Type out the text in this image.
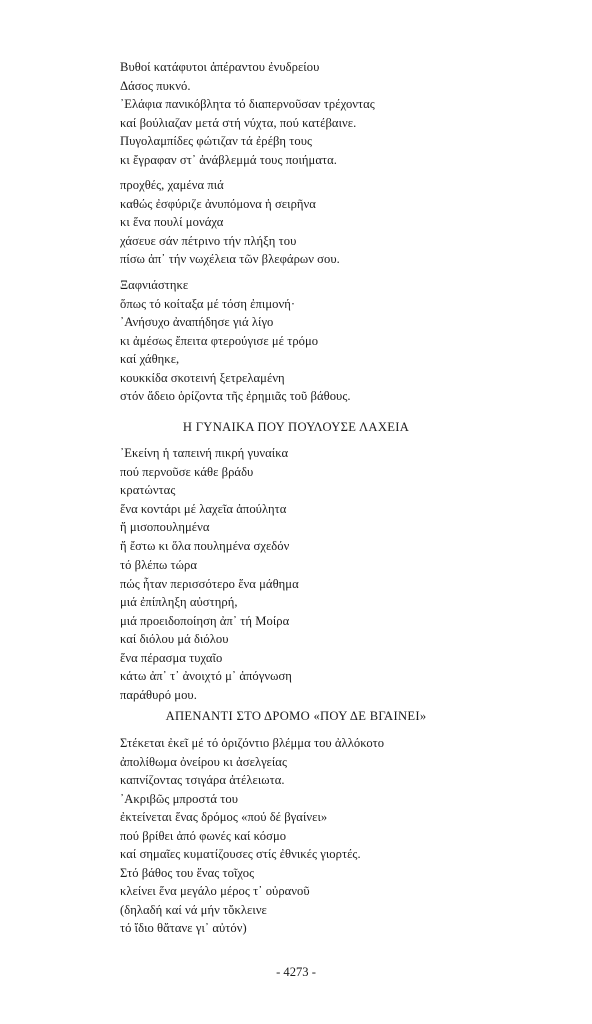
Βυθοί κατάφυτοι ἀπέραντου ἐνυδρείου
Δάσος πυκνό.
᾿Ελάφια πανικόβλητα τό διαπερνοῦσαν τρέχοντας
καί βούλιαζαν μετά στή νύχτα, πού κατέβαινε.
Πυγολαμπίδες φώτιζαν τά ἐρέβη τους
κι ἔγραφαν στ᾿ ἀνάβλεμμά τους ποιήματα.
προχθές, χαμένα πιά
καθώς ἐσφύριζε ἀνυπόμονα ἡ σειρῆνα
κι ἕνα πουλί μονάχα
χάσευε σάν πέτρινο τήν πλήξη του
πίσω ἀπ᾿ τήν νωχέλεια τῶν βλεφάρων σου.
Ξαφνιάστηκε
ὅπως τό κοίταξα μέ τόση ἐπιμονή·
᾿Ανήσυχο ἀναπήδησε γιά λίγο
κι ἀμέσως ἔπειτα φτερούγισε μέ τρόμο
καί χάθηκε,
κουκκίδα σκοτεινή ξετρελαμένη
στόν ἄδειο ὁρίζοντα τῆς ἐρημιᾶς τοῦ βάθους.
Η ΓΥΝΑΙΚΑ ΠΟΥ ΠΟΥΛΟΥΣΕ ΛΑΧΕΙΑ
᾿Εκείνη ἡ ταπεινή πικρή γυναίκα
πού περνοῦσε κάθε βράδυ
κρατώντας
ἕνα κοντάρι μέ λαχεῖα ἀπούλητα
ἤ μισοπουλημένα
ἤ ἔστω κι ὅλα πουλημένα σχεδόν
τό βλέπω τώρα
πώς ἦταν περισσότερο ἕνα μάθημα
μιά ἐπίπληξη αὐστηρή,
μιά προειδοποίηση ἀπ᾿ τή Μοίρα
καί διόλου μά διόλου
ἕνα πέρασμα τυχαῖο
κάτω ἀπ᾿ τ᾿ ἀνοιχτό μ᾿ ἀπόγνωση
παράθυρό μου.
ΑΠΕΝΑΝΤΙ ΣΤΟ ΔΡΟΜΟ «ΠΟΥ ΔΕ ΒΓΑΙΝΕΙ»
Στέκεται ἐκεῖ μέ τό ὁριζόντιο βλέμμα του ἀλλόκοτο
ἀπολίθωμα ὀνείρου κι ἀσελγείας
καπνίζοντας τσιγάρα ἀτέλειωτα.
᾿Ακριβῶς μπροστά του
ἐκτείνεται ἕνας δρόμος «πού δέ βγαίνει»
πού βρίθει ἀπό φωνές καί κόσμο
καί σημαῖες κυματίζουσες στίς ἐθνικές γιορτές.
Στό βάθος του ἕνας τοῖχος
κλείνει ἕνα μεγάλο μέρος τ᾿ οὐρανοῦ
(δηλαδή καί νά μήν τὄκλεινε
τό ἴδιο θἄτανε γι᾿ αὐτόν)
- 4273 -
